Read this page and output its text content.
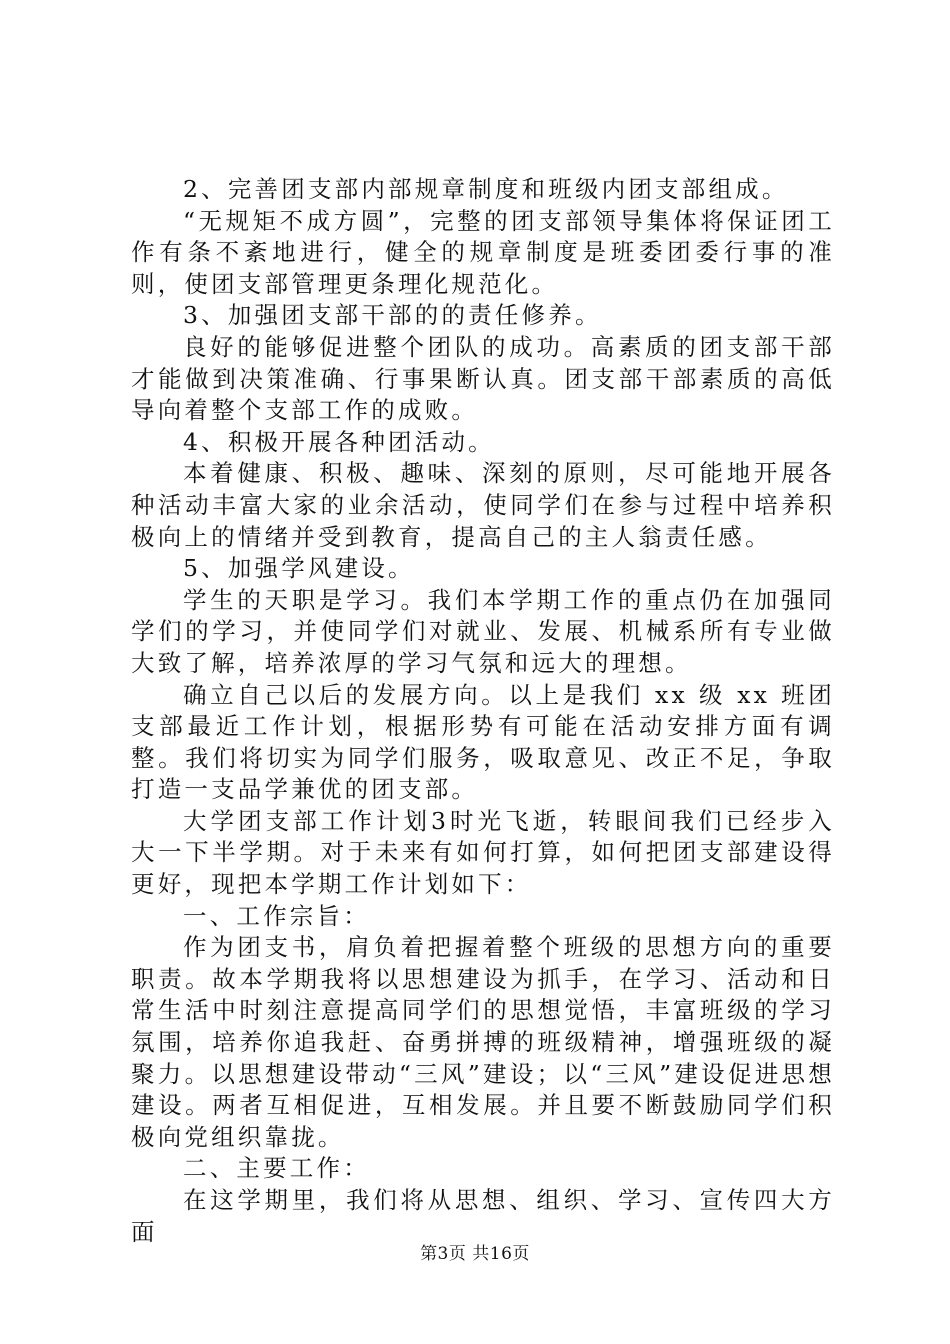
2、完善团支部内部规章制度和班级内团支部组成。

“无规矩不成方圆”，完整的团支部领导集体将保证团工作有条不紊地进行，健全的规章制度是班委团委行事的准则，使团支部管理更条理化规范化。

3、加强团支部干部的的责任修养。

良好的能够促进整个团队的成功。高素质的团支部干部才能做到决策准确、行事果断认真。团支部干部素质的高低导向着整个支部工作的成败。

4、积极开展各种团活动。

本着健康、积极、趣味、深刻的原则，尽可能地开展各种活动丰富大家的业余活动，使同学们在参与过程中培养积极向上的情绪并受到教育，提高自己的主人翁责任感。

5、加强学风建设。

学生的天职是学习。我们本学期工作的重点仍在加强同学们的学习，并使同学们对就业、发展、机械系所有专业做大致了解，培养浓厚的学习气氛和远大的理想。

确立自己以后的发展方向。以上是我们 xx 级 xx 班团支部最近工作计划，根据形势有可能在活动安排方面有调整。我们将切实为同学们服务，吸取意见、改正不足，争取打造一支品学兼优的团支部。

大学团支部工作计划3时光飞逝，转眼间我们已经步入大一下半学期。对于未来有如何打算，如何把团支部建设得更好，现把本学期工作计划如下：

一、工作宗旨：

作为团支书，肩负着把握着整个班级的思想方向的重要职责。故本学期我将以思想建设为抓手，在学习、活动和日常生活中时刻注意提高同学们的思想觉悟，丰富班级的学习氛围，培养你追我赶、奋勇拼搏的班级精神，增强班级的凝聚力。以思想建设带动“三风”建设；以“三风”建设促进思想建设。两者互相促进，互相发展。并且要不断鼓励同学们积极向党组织靠拢。

二、主要工作：

在这学期里，我们将从思想、组织、学习、宣传四大方面

第3页 共16页
